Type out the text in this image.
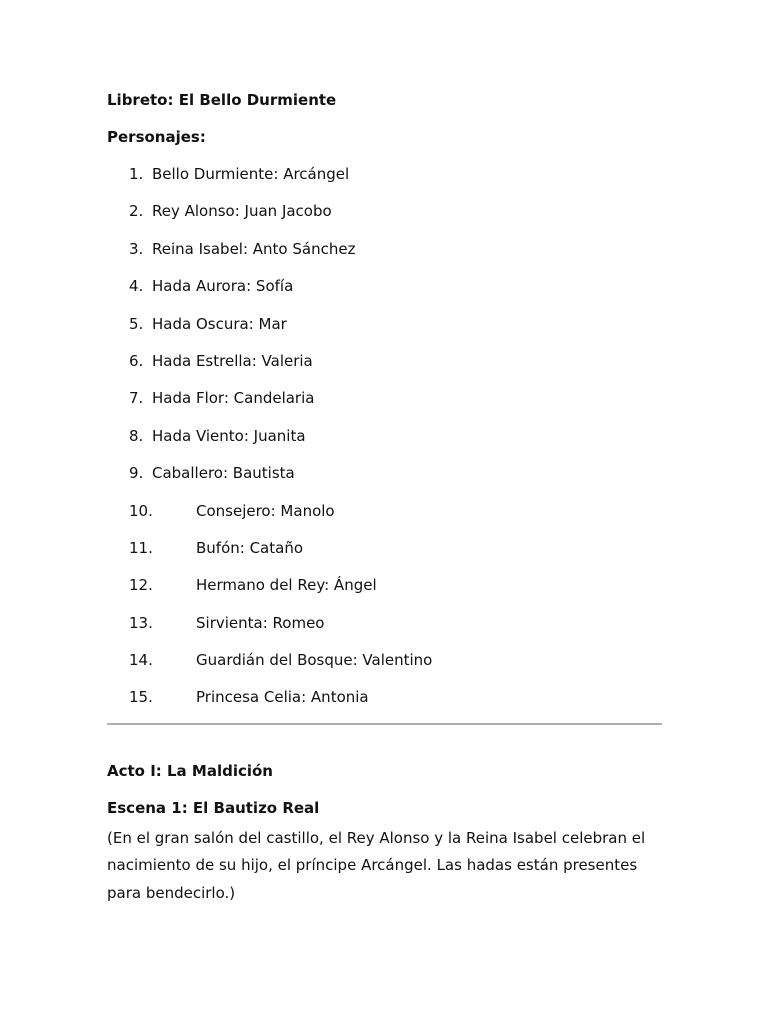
Libreto: El Bello Durmiente
Personajes:
1. Bello Durmiente: Arcángel
2. Rey Alonso: Juan Jacobo
3. Reina Isabel: Anto Sánchez
4. Hada Aurora: Sofía
5. Hada Oscura: Mar
6. Hada Estrella: Valeria
7. Hada Flor: Candelaria
8. Hada Viento: Juanita
9. Caballero: Bautista
10.	Consejero: Manolo
11.	Bufón: Cataño
12.	Hermano del Rey: Ángel
13.	Sirvienta: Romeo
14.	Guardián del Bosque: Valentino
15.	Princesa Celia: Antonia
Acto I: La Maldición
Escena 1: El Bautizo Real
(En el gran salón del castillo, el Rey Alonso y la Reina Isabel celebran el nacimiento de su hijo, el príncipe Arcángel. Las hadas están presentes para bendecirlo.)
